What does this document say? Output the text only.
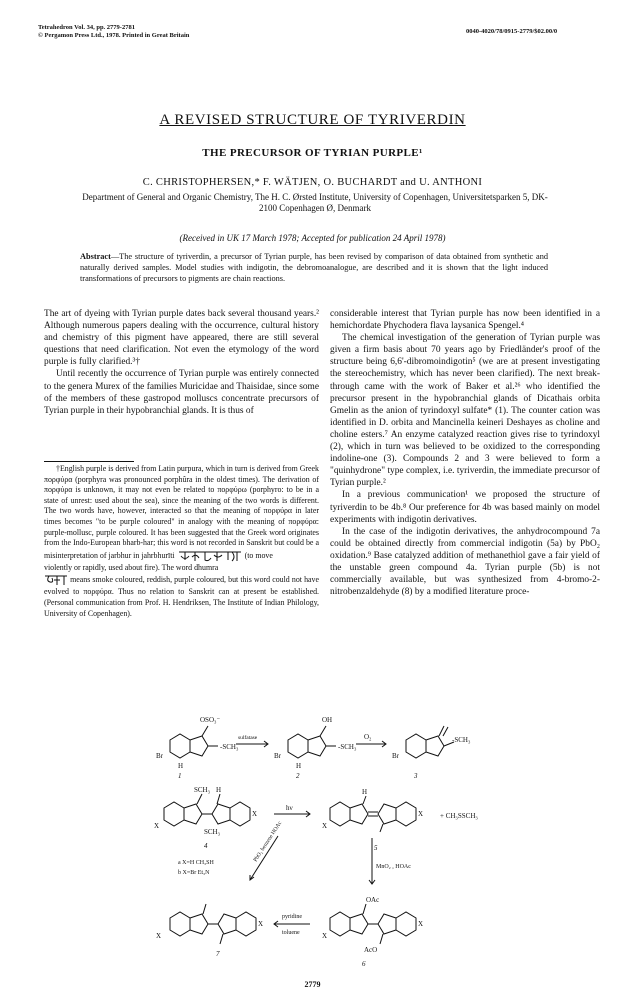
Tetrahedron Vol. 34, pp. 2779-2781
© Pergamon Press Ltd., 1978. Printed in Great Britain
0040-4020/78/0915-2779/$02.00/0
A REVISED STRUCTURE OF TYRIVERDIN
THE PRECURSOR OF TYRIAN PURPLE¹
C. CHRISTOPHERSEN,* F. WÄTJEN, O. BUCHARDT and U. ANTHONI
Department of General and Organic Chemistry, The H. C. Ørsted Institute, University of Copenhagen, Universitetsparken 5, DK-2100 Copenhagen Ø, Denmark
(Received in UK 17 March 1978; Accepted for publication 24 April 1978)
Abstract—The structure of tyriverdin, a precursor of Tyrian purple, has been revised by comparison of data obtained from synthetic and naturally derived samples. Model studies with indigotin, the debromoanalogue, are described and it is shown that the light induced transformations of precursors to pigments are chain reactions.

The art of dyeing with Tyrian purple dates back several thousand years.² Although numerous papers dealing with the occurrence, cultural history and chemistry of this pigment have appeared, there are still several questions that need clarification. Not even the etymology of the word purple is fully clarified.³†

Until recently the occurrence of Tyrian purple was entirely connected to the genera Murex of the families Muricidae and Thaisidae, since some of the members of these gastropod molluscs concentrate precursors of Tyrian purple in their hypobranchial glands. It is thus of

†English purple is derived from Latin purpura, which in turn is derived from Greek πορφύρα (porphyra was pronounced porphûra in the oldest times). The derivation of πορφύρα is unknown, it may not even be related to πορφύρω (porphyro: to be in a state of unrest: used about the sea), since the meaning of the two words is different. The two words have, however, interacted so that the meaning of πορφύρα in later times becomes "to be purple coloured" in analogy with the meaning of πορφύρα: purple-mollusc, purple coloured. It has been suggested that the Greek word originates from the Indo-European bharb-har; this word is not recorded in Sanskrit but could be a misinterpretation of jarbhur in jahrbhurīti	(to move

violently or rapidly, used about fire). The word dhumra

means smoke coloured, reddish, purple coloured, but this word could not have evolved to πορφύρα. Thus no relation to Sanskrit can at present be established. (Personal communication from Prof. H. Hendriksen, The Institute of Indian Philology, University of Copenhagen).

considerable interest that Tyrian purple has now been identified in a hemichordate Phychodera flava laysanica Spengel.⁴

The chemical investigation of the generation of Tyrian purple was given a firm basis about 70 years ago by Friedländer's proof of the structure being 6,6'-dibromoindigotin⁵ (we are at present investigating the stereochemistry, which has never been clarified). The next break-through came with the work of Baker et al.²⁶ who identified the precursor present in the hypobranchial glands of Dicathais orbita Gmelin as the anion of tyrindoxyl sulfate* (1). The counter cation was identified in D. orbita and Mancinella keineri Deshayes as choline and choline esters.⁷ An enzyme catalyzed reaction gives rise to tyrindoxyl (2), which in turn was believed to be oxidized to the corresponding indoline-one (3). Compounds 2 and 3 were believed to form a "quinhydrone" type complex, i.e. tyriverdin, the immediate precursor of Tyrian purple.²

In a previous communication¹ we proposed the structure of tyriverdin to be 4b.⁸ Our preference for 4b was based mainly on model experiments with indigotin derivatives.

In the case of the indigotin derivatives, the anhydrocompound 7a could be obtained directly from commercial indigotin (5a) by PbO₂ oxidation.⁹ Base catalyzed addition of methanethiol gave a fair yield of the unstable green compound 4a. Tyrian purple (5b) is not commercially available, but was synthesized from 4-bromo-2-nitrobenzaldehyde (8) by a modified literature proce-

OSO₃⁻
-SCH₃
Br
H
1
sulfatase
OH
-SCH₃
Br
H
2
O₂	-SCH₃
Br
3
SCH₃ H
X
X
SCH₃
4
a X=H CH₃SH
b X=Br Et₃N
hν
X
X
H
5
+ CH₃SSCH₃
PbO₂ benzene HOAc
MnO₂ , HOAc
X
X
7
pyridine
toluene	X
X
OAc
AcO
6
2779
